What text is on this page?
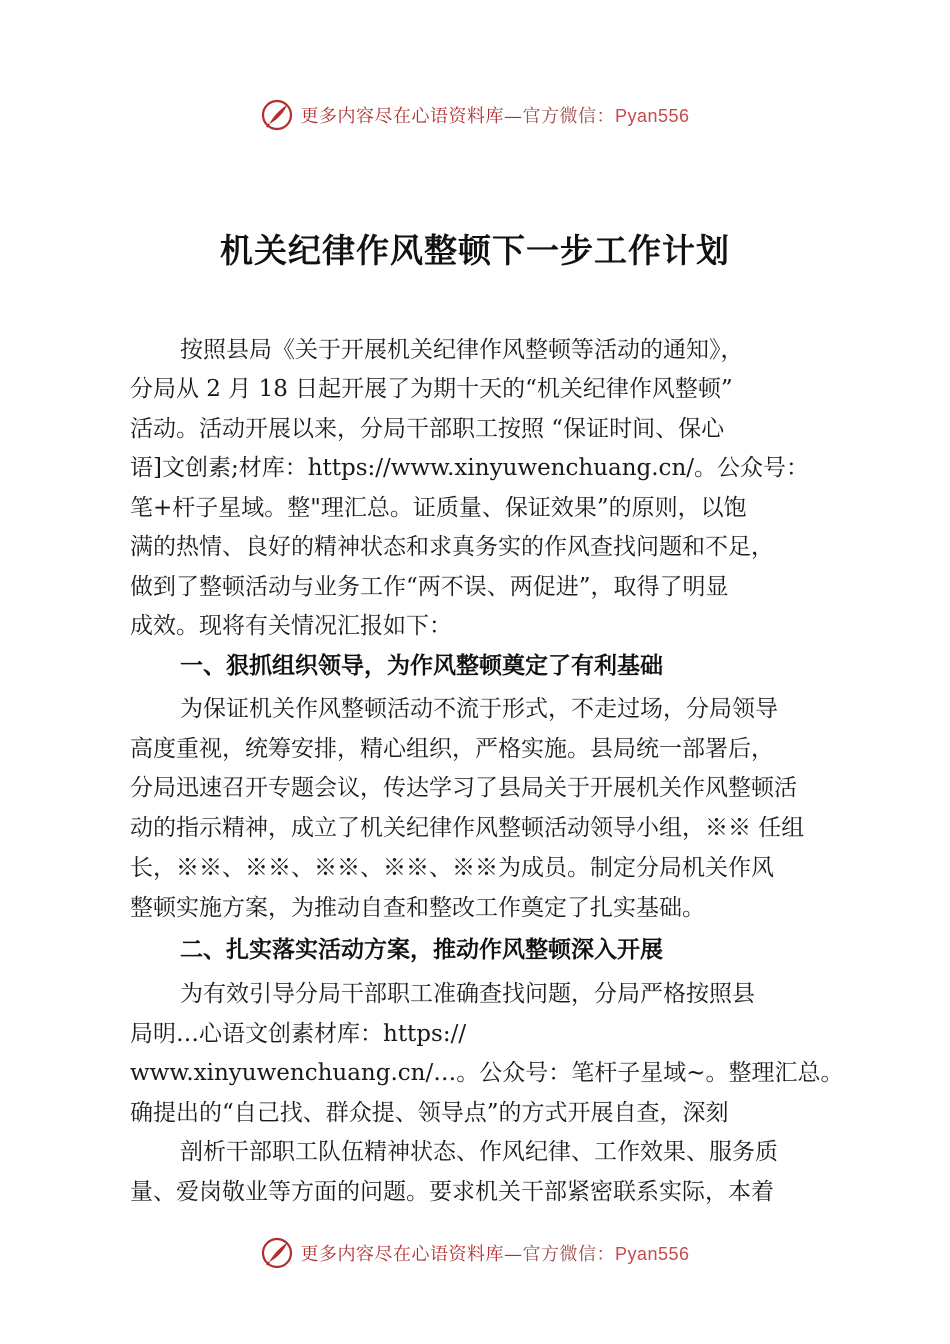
更多内容尽在心语资料库—官方微信：Pyan556
机关纪律作风整顿下一步工作计划
按照县局《关于开展机关纪律作风整顿等活动的通知》，
分局从 2 月 18 日起开展了为期十天的“机关纪律作风整顿”
活动。活动开展以来，分局干部职工按照 “保证时间、保心
语]文创素;材库：https://www.xinyuwenchuang.cn/。公众号：
笔+杆子星域。整"理汇总。证质量、保证效果”的原则，以饱
满的热情、良好的精神状态和求真务实的作风查找问题和不足，
做到了整顿活动与业务工作“两不误、两促进”，取得了明显
成效。现将有关情况汇报如下：
一、狠抓组织领导，为作风整顿奠定了有利基础
为保证机关作风整顿活动不流于形式，不走过场，分局领导
高度重视，统筹安排，精心组织，严格实施。县局统一部署后，
分局迅速召开专题会议，传达学习了县局关于开展机关作风整顿活
动的指示精神，成立了机关纪律作风整顿活动领导小组，※※ 任组
长，※※、※※、※※、※※、※※为成员。制定分局机关作风
整顿实施方案，为推动自查和整改工作奠定了扎实基础。
二、扎实落实活动方案，推动作风整顿深入开展
为有效引导分局干部职工准确查找问题，分局严格按照县
局明…心语文创素材库：https://
www.xinyuwenchuang.cn/…。公众号：笔杆子星域~。整理汇总。
确提出的“自己找、群众提、领导点”的方式开展自查，深刻
剖析干部职工队伍精神状态、作风纪律、工作效果、服务质
量、爱岗敬业等方面的问题。要求机关干部紧密联系实际，本着
更多内容尽在心语资料库—官方微信：Pyan556
